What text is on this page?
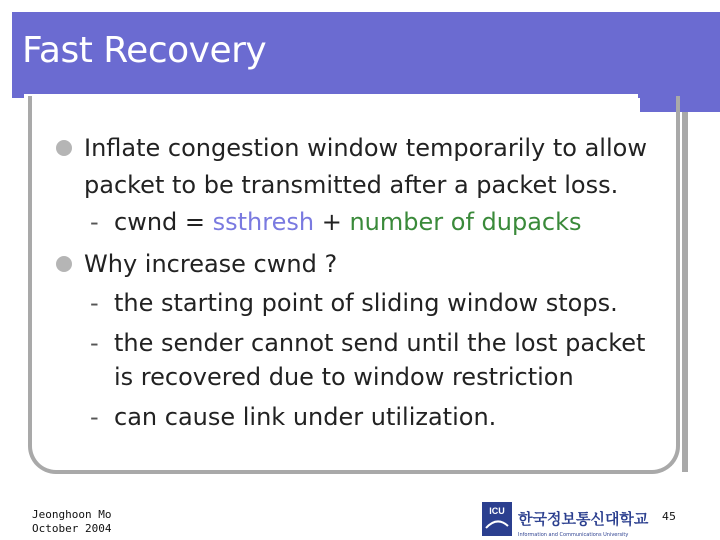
Fast Recovery
Inflate congestion window temporarily to allow
packet to be transmitted after a packet loss.
- cwnd = ssthresh + number of dupacks
Why increase cwnd ?
- the starting point of sliding window stops.
- the sender cannot send until the lost packet
is recovered due to window restriction
- can cause link under utilization.
Jeonghoon Mo
October 2004
ICU 한국정보통신대학교
Information and Communications University
45
